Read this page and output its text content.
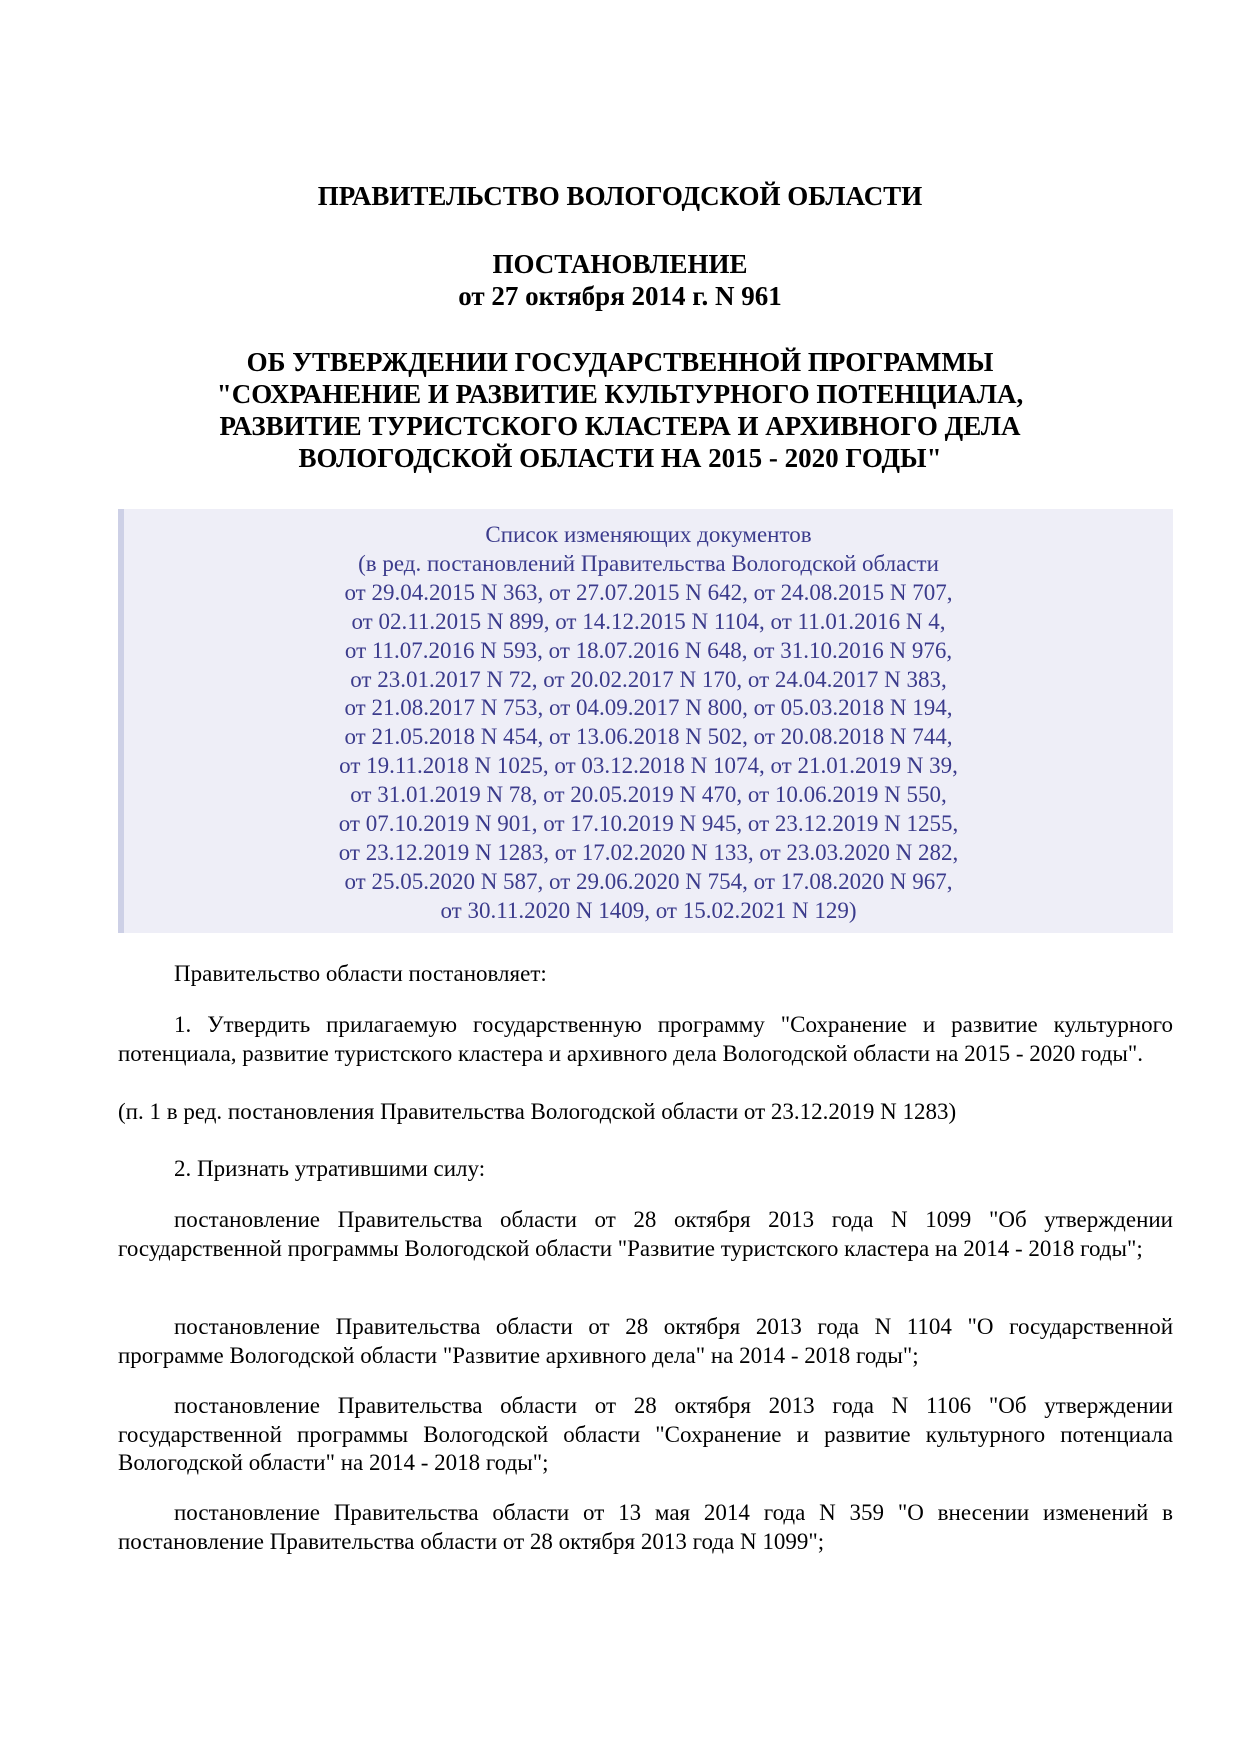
ПРАВИТЕЛЬСТВО ВОЛОГОДСКОЙ ОБЛАСТИ
ПОСТАНОВЛЕНИЕ
от 27 октября 2014 г. N 961
ОБ УТВЕРЖДЕНИИ ГОСУДАРСТВЕННОЙ ПРОГРАММЫ
"СОХРАНЕНИЕ И РАЗВИТИЕ КУЛЬТУРНОГО ПОТЕНЦИАЛА,
РАЗВИТИЕ ТУРИСТСКОГО КЛАСТЕРА И АРХИВНОГО ДЕЛА
ВОЛОГОДСКОЙ ОБЛАСТИ НА 2015 - 2020 ГОДЫ"
Список изменяющих документов
(в ред. постановлений Правительства Вологодской области
от 29.04.2015 N 363, от 27.07.2015 N 642, от 24.08.2015 N 707,
от 02.11.2015 N 899, от 14.12.2015 N 1104, от 11.01.2016 N 4,
от 11.07.2016 N 593, от 18.07.2016 N 648, от 31.10.2016 N 976,
от 23.01.2017 N 72, от 20.02.2017 N 170, от 24.04.2017 N 383,
от 21.08.2017 N 753, от 04.09.2017 N 800, от 05.03.2018 N 194,
от 21.05.2018 N 454, от 13.06.2018 N 502, от 20.08.2018 N 744,
от 19.11.2018 N 1025, от 03.12.2018 N 1074, от 21.01.2019 N 39,
от 31.01.2019 N 78, от 20.05.2019 N 470, от 10.06.2019 N 550,
от 07.10.2019 N 901, от 17.10.2019 N 945, от 23.12.2019 N 1255,
от 23.12.2019 N 1283, от 17.02.2020 N 133, от 23.03.2020 N 282,
от 25.05.2020 N 587, от 29.06.2020 N 754, от 17.08.2020 N 967,
от 30.11.2020 N 1409, от 15.02.2021 N 129)
Правительство области постановляет:
1. Утвердить прилагаемую государственную программу "Сохранение и развитие культурного потенциала, развитие туристского кластера и архивного дела Вологодской области на 2015 - 2020 годы".
(п. 1 в ред. постановления Правительства Вологодской области от 23.12.2019 N 1283)
2. Признать утратившими силу:
постановление Правительства области от 28 октября 2013 года N 1099 "Об утверждении государственной программы Вологодской области "Развитие туристского кластера на 2014 - 2018 годы";
постановление Правительства области от 28 октября 2013 года N 1104 "О государственной программе Вологодской области "Развитие архивного дела" на 2014 - 2018 годы";
постановление Правительства области от 28 октября 2013 года N 1106 "Об утверждении государственной программы Вологодской области "Сохранение и развитие культурного потенциала Вологодской области" на 2014 - 2018 годы";
постановление Правительства области от 13 мая 2014 года N 359 "О внесении изменений в постановление Правительства области от 28 октября 2013 года N 1099";
